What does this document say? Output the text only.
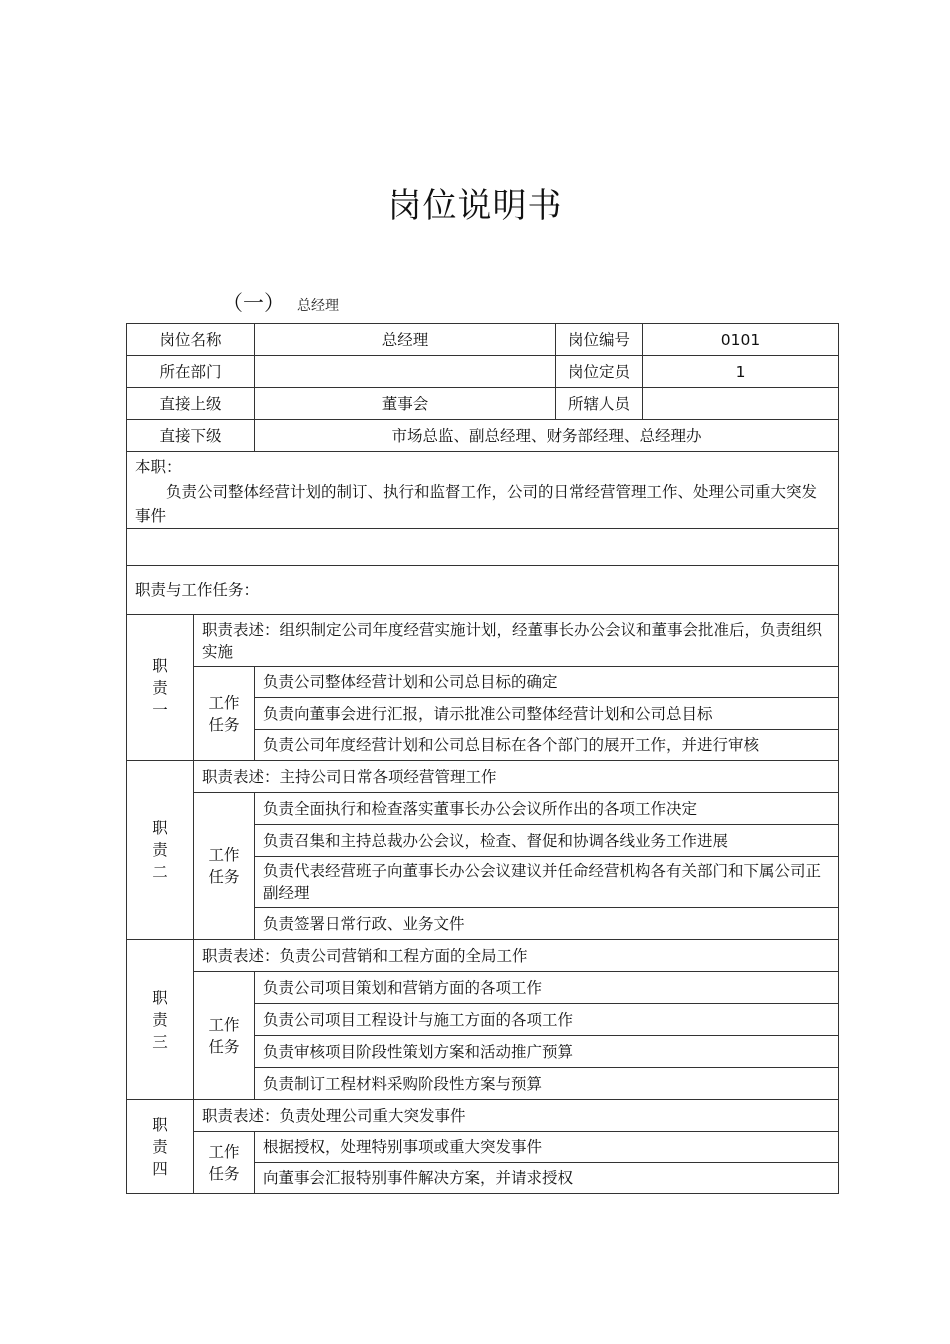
岗位说明书
（一） 总经理
岗位名称		总经理	岗位编号	0101
所在部门			岗位定员	1
直接上级		董事会	所辖人员	
直接下级		市场总监、副总经理、财务部经理、总经理办		

本职：
负责公司整体经营计划的制订、执行和监督工作，公司的日常经营管理工作、处理公司重大突发事件				

职责与工作任务：				

职
责
一	职责表述：组织制定公司年度经营实施计划，经董事长办公会议和董事会批准后，负责组织实施			

	工作
任务	负责公司整体经营计划和公司总目标的确定		
		负责向董事会进行汇报，请示批准公司整体经营计划和公司总目标		
		负责公司年度经营计划和公司总目标在各个部门的展开工作，并进行审核		

职
责
二	职责表述：主持公司日常各项经营管理工作			

	工作
任务	负责全面执行和检查落实董事长办公会议所作出的各项工作决定		
		负责召集和主持总裁办公会议，检查、督促和协调各线业务工作进展		
		负责代表经营班子向董事长办公会议建议并任命经营机构各有关部门和下属公司正副经理		
		负责签署日常行政、业务文件		

职
责
三	职责表述：负责公司营销和工程方面的全局工作			

	工作
任务	负责公司项目策划和营销方面的各项工作		
		负责公司项目工程设计与施工方面的各项工作		
		负责审核项目阶段性策划方案和活动推广预算		
		负责制订工程材料采购阶段性方案与预算		

职
责
四	职责表述：负责处理公司重大突发事件			

	工作
任务	根据授权，处理特别事项或重大突发事件		
		向董事会汇报特别事件解决方案，并请求授权		
